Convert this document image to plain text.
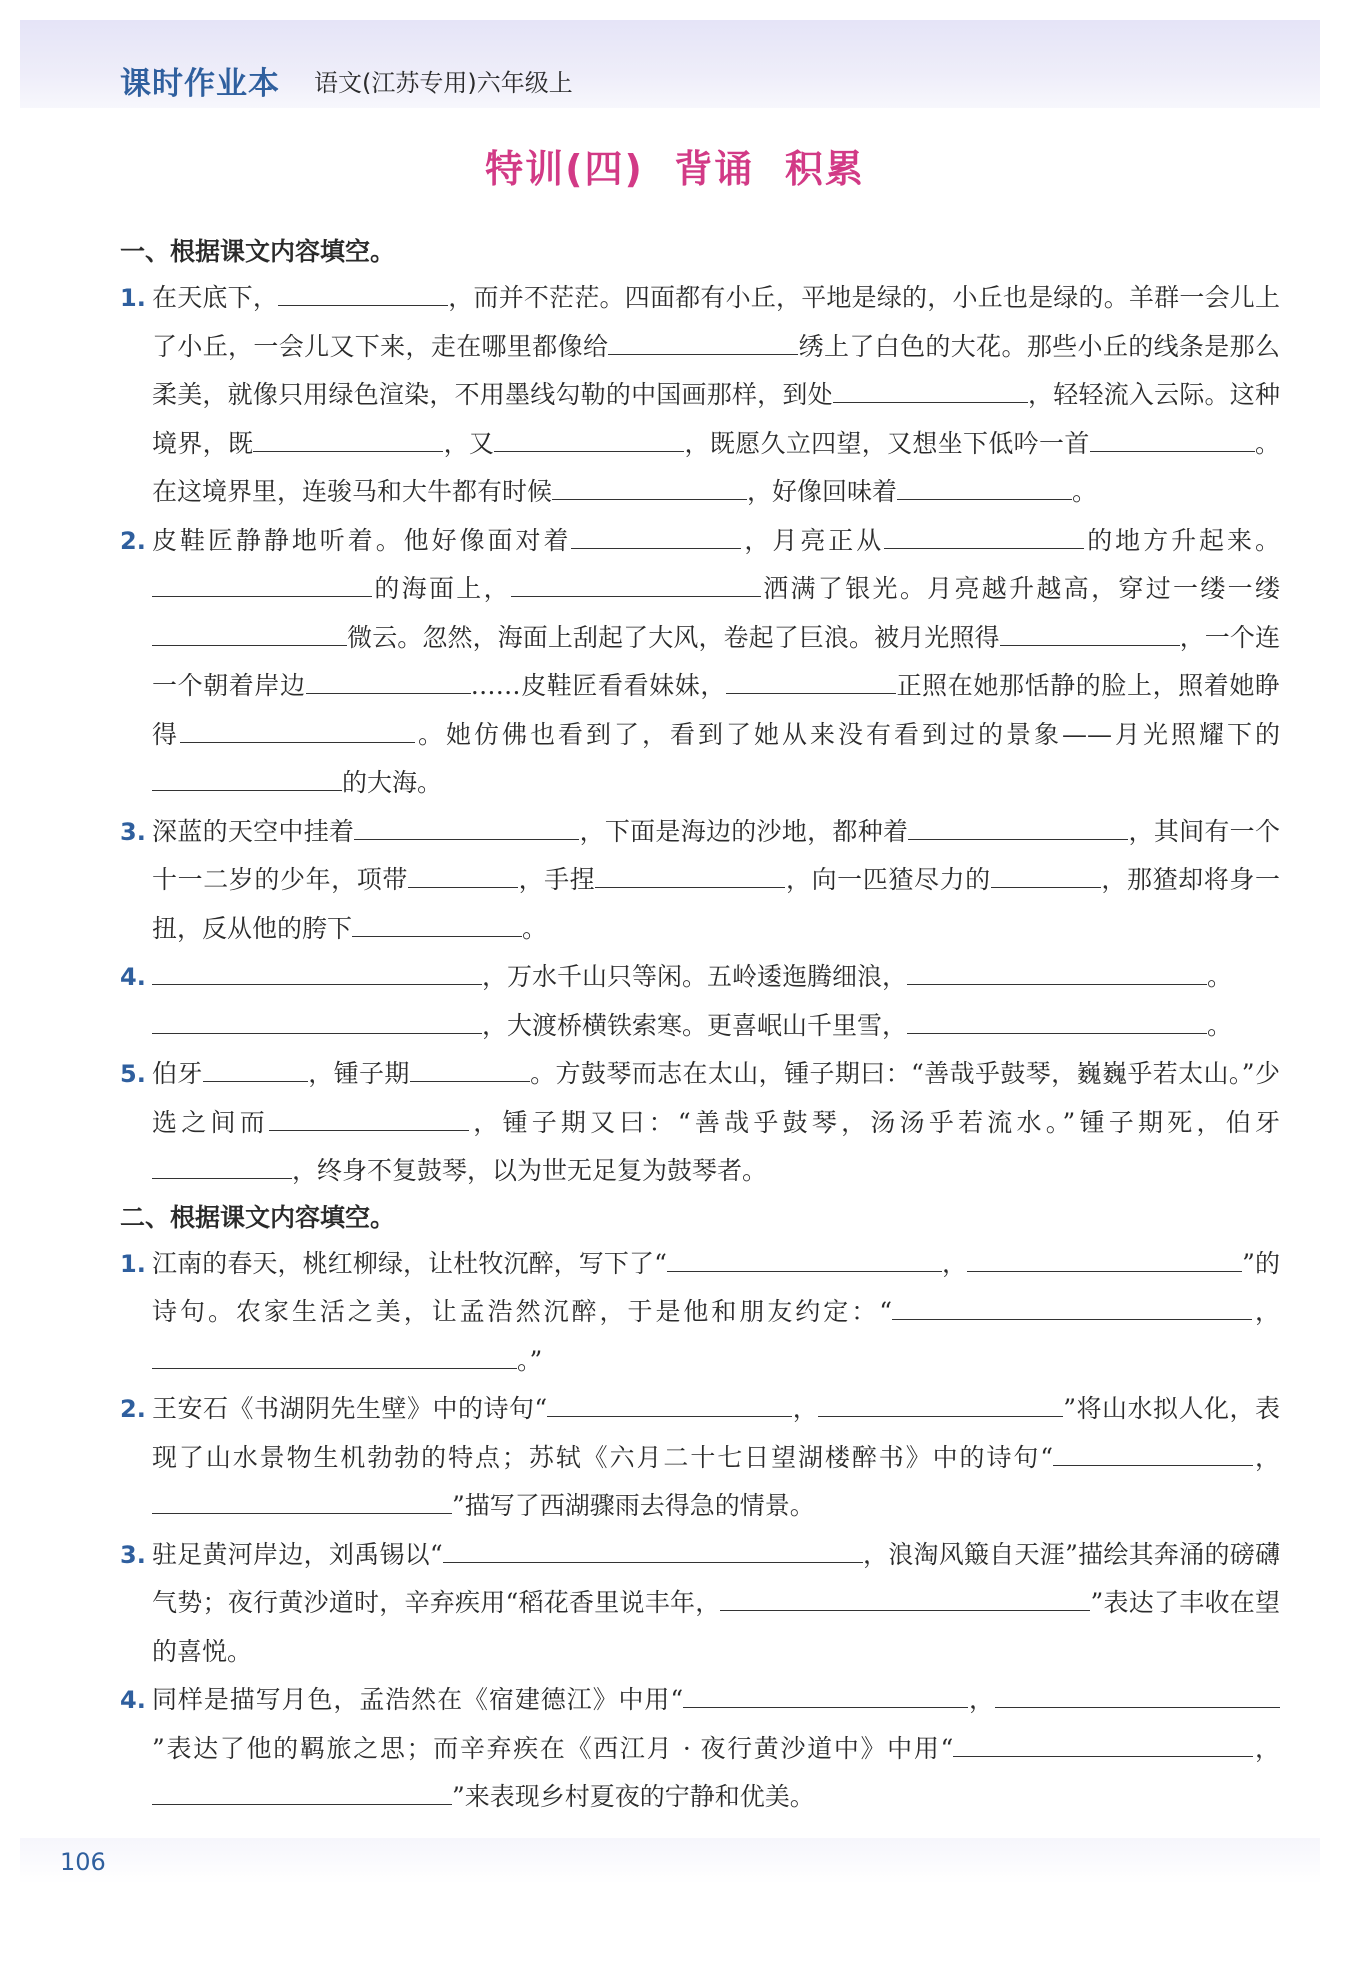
课时作业本 语文(江苏专用)六年级上
特训(四)  背诵  积累
一、根据课文内容填空。
1. 在天底下，	，而并不茫茫。四面都有小丘，平地是绿的，小丘也是绿的。羊群一会儿上了小丘，一会儿又下来，走在哪里都像给	绣上了白色的大花。那些小丘的线条是那么柔美，就像只用绿色渲染，不用墨线勾勒的中国画那样，到处	，轻轻流入云际。这种境界，既	，又	，既愿久立四望，又想坐下低吟一首	。在这境界里，连骏马和大牛都有时候	，好像回味着	。
2. 皮鞋匠静静地听着。他好像面对着	，月亮正从	的地方升起来。的海面上，	洒满了银光。月亮越升越高，穿过一缕一缕微云。忽然，海面上刮起了大风，卷起了巨浪。被月光照得	，一个连一个朝着岸边	……皮鞋匠看看妹妹，	正照在她那恬静的脸上，照着她睁得	。她仿佛也看到了，看到了她从来没有看到过的景象——月光照耀下的的大海。
3. 深蓝的天空中挂着	，下面是海边的沙地，都种着	，其间有一个十一二岁的少年，项带	，手捏	，向一匹猹尽力的	，那猹却将身一扭，反从他的胯下	。
4.	，万水千山只等闲。五岭逶迤腾细浪，	。
，大渡桥横铁索寒。更喜岷山千里雪，	。
5. 伯牙	，锺子期	。方鼓琴而志在太山，锺子期曰：“善哉乎鼓琴，巍巍乎若太山。”少选之间而	，锺子期又曰：“善哉乎鼓琴，汤汤乎若流水。”锺子期死，伯牙，终身不复鼓琴，以为世无足复为鼓琴者。
二、根据课文内容填空。
1. 江南的春天，桃红柳绿，让杜牧沉醉，写下了“	，	”的诗句。农家生活之美，让孟浩然沉醉，于是他和朋友约定：“	，。”
2. 王安石《书湖阴先生壁》中的诗句“	，	”将山水拟人化，表现了山水景物生机勃勃的特点；苏轼《六月二十七日望湖楼醉书》中的诗句“	，”描写了西湖骤雨去得急的情景。
3. 驻足黄河岸边，刘禹锡以“	，浪淘风簸自天涯”描绘其奔涌的磅礴气势；夜行黄沙道时，辛弃疾用“稻花香里说丰年，	”表达了丰收在望的喜悦。
4. 同样是描写月色，孟浩然在《宿建德江》中用“	，”表达了他的羁旅之思；而辛弃疾在《西江月 · 夜行黄沙道中》中用“	，”来表现乡村夏夜的宁静和优美。
106
